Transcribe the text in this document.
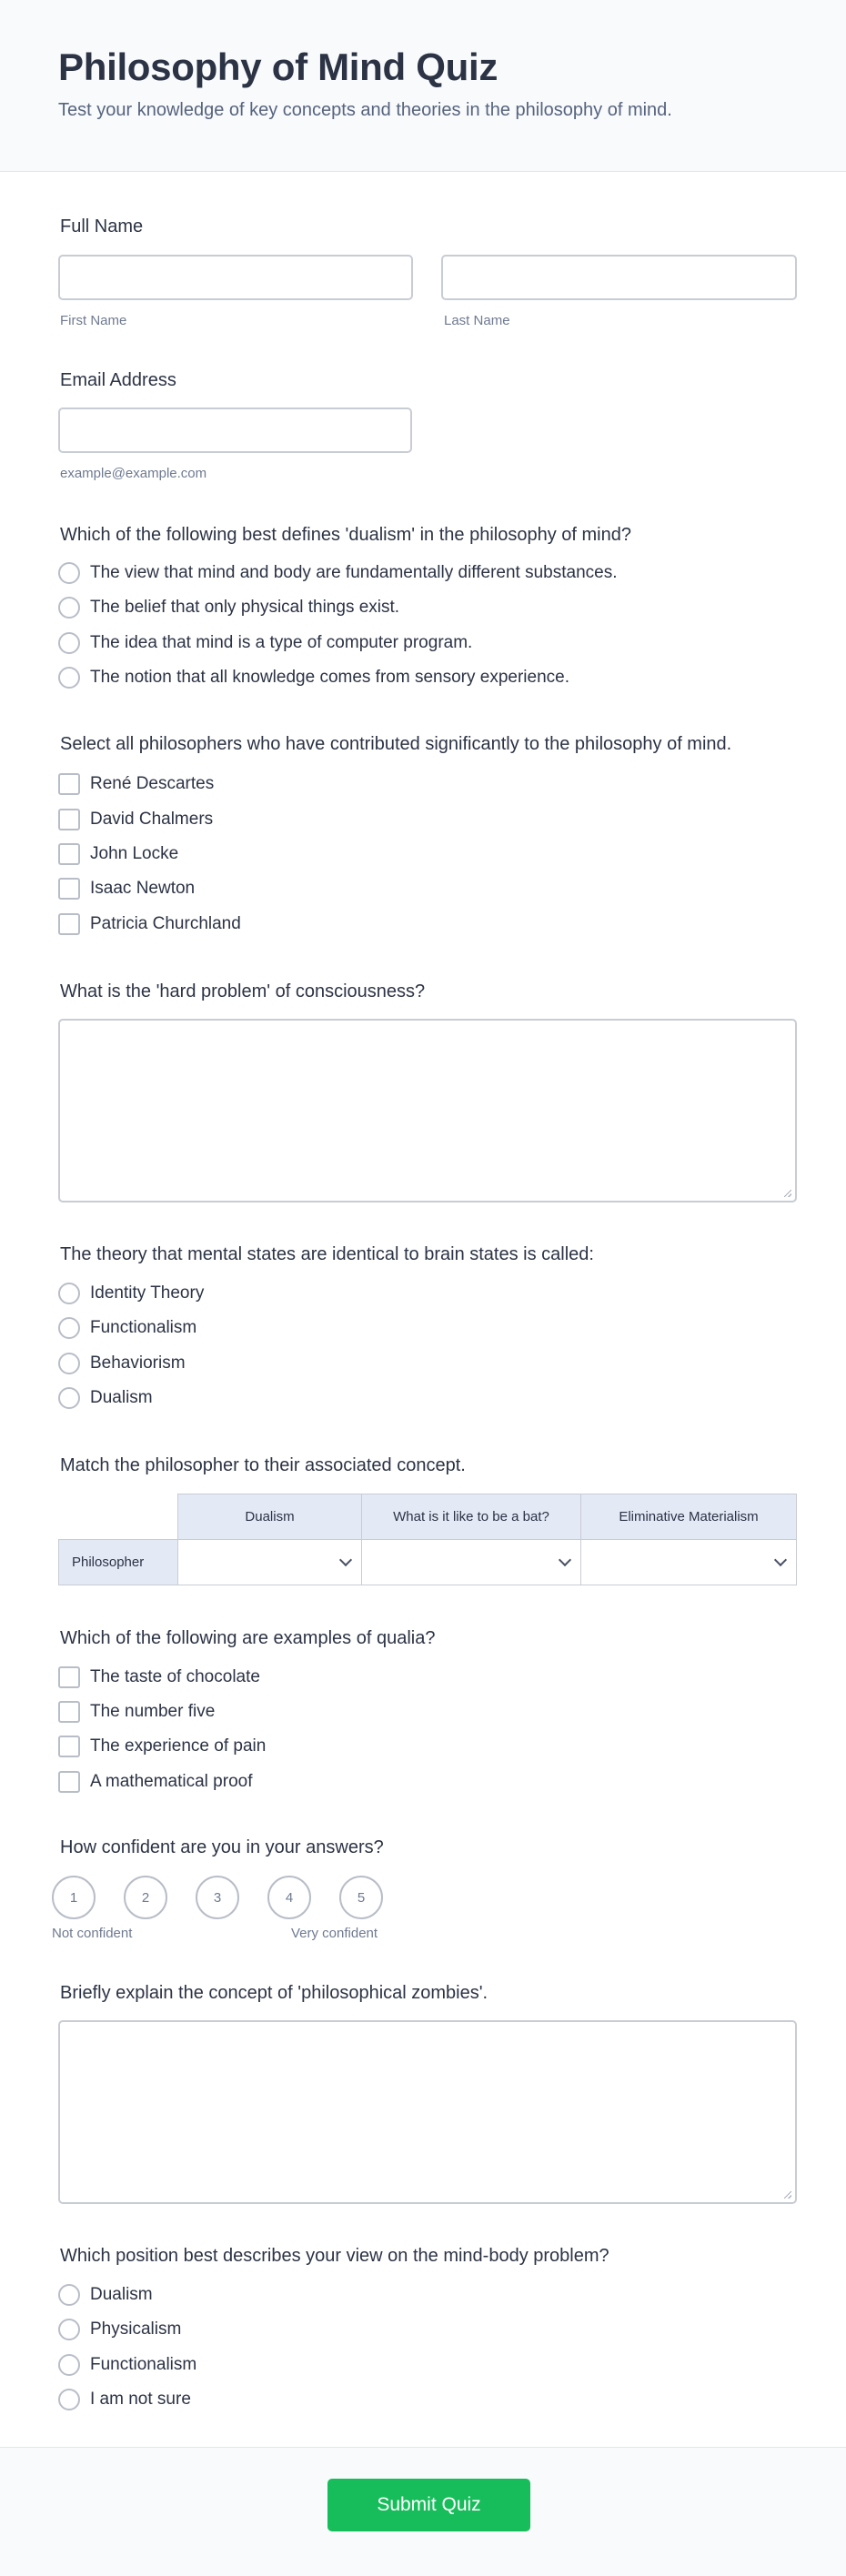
Philosophy of Mind Quiz

Test your knowledge of key concepts and theories in the philosophy of mind.

Full Name
First Name	Last Name
Email Address
example@example.com
Which of the following best defines 'dualism' in the philosophy of mind?
The view that mind and body are fundamentally different substances.
The belief that only physical things exist.
The idea that mind is a type of computer program.
The notion that all knowledge comes from sensory experience.
Select all philosophers who have contributed significantly to the philosophy of mind.
René Descartes
David Chalmers
John Locke
Isaac Newton
Patricia Churchland
What is the 'hard problem' of consciousness?
The theory that mental states are identical to brain states is called:
Identity Theory
Functionalism
Behaviorism
Dualism
Match the philosopher to their associated concept.
Dualism	What is it like to be a bat?	Eliminative Materialism
Philosopher
Which of the following are examples of qualia?
The taste of chocolate
The number five
The experience of pain
A mathematical proof
How confident are you in your answers?
1	2	3	4	5
Not confident	Very confident
Briefly explain the concept of 'philosophical zombies'.
Which position best describes your view on the mind-body problem?
Dualism
Physicalism
Functionalism
I am not sure
Submit Quiz
